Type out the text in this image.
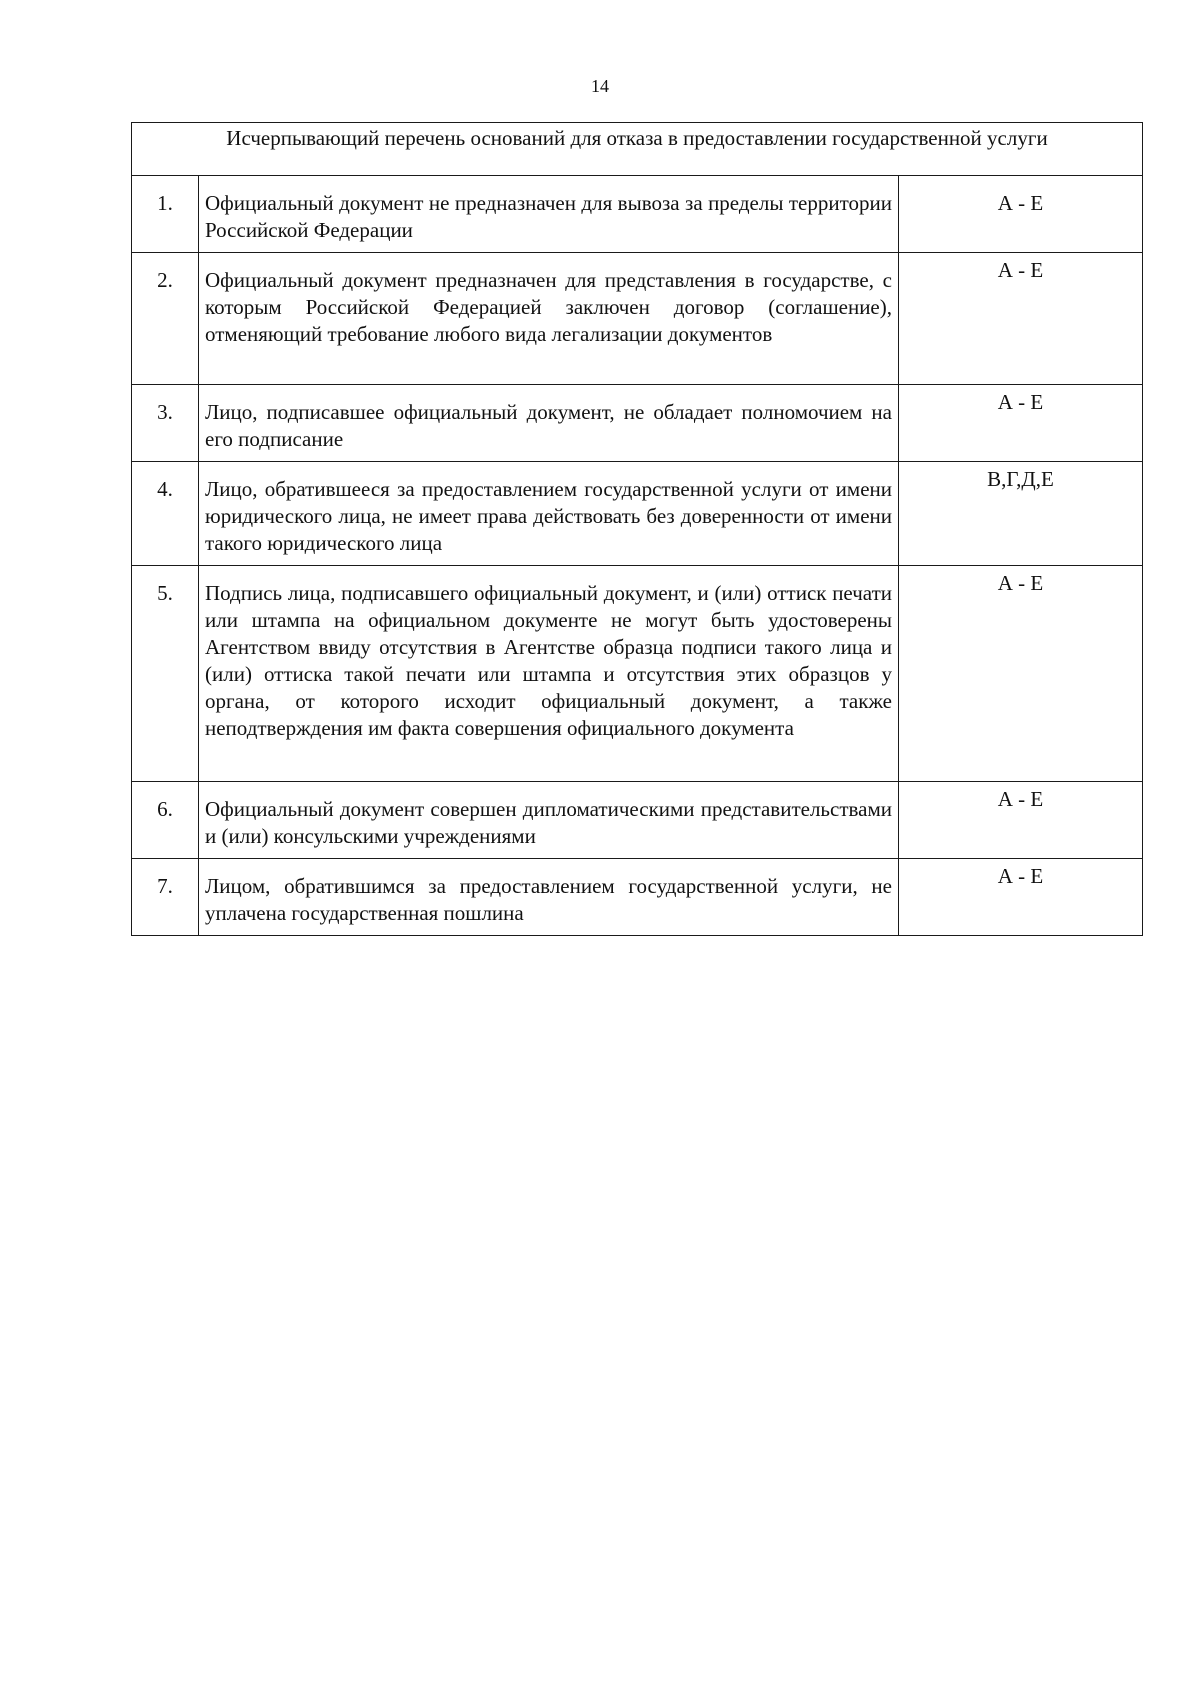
14
Исчерпывающий перечень оснований для отказа в предоставлении государственной услуги		
1.	Официальный документ не предназначен для вывоза за пределы территории Российской Федерации	А - Е
2.	Официальный документ предназначен для представления в государстве, с которым Российской Федерацией заключен договор (соглашение), отменяющий требование любого вида легализации документов	А - Е
3.	Лицо, подписавшее официальный документ, не обладает полномочием на его подписание	А - Е
4.	Лицо, обратившееся за предоставлением государственной услуги от имени юридического лица, не имеет права действовать без доверенности от имени такого юридического лица	В,Г,Д,Е
5.	Подпись лица, подписавшего официальный документ, и (или) оттиск печати или штампа на официальном документе не могут быть удостоверены Агентством ввиду отсутствия в Агентстве образца подписи такого лица и (или) оттиска такой печати или штампа и отсутствия этих образцов у органа, от которого исходит официальный документ, а также неподтверждения им факта совершения официального документа	А - Е
6.	Официальный документ совершен дипломатическими представительствами и (или) консульскими учреждениями	А - Е
7.	Лицом, обратившимся за предоставлением государственной услуги, не уплачена государственная пошлина	А - Е
